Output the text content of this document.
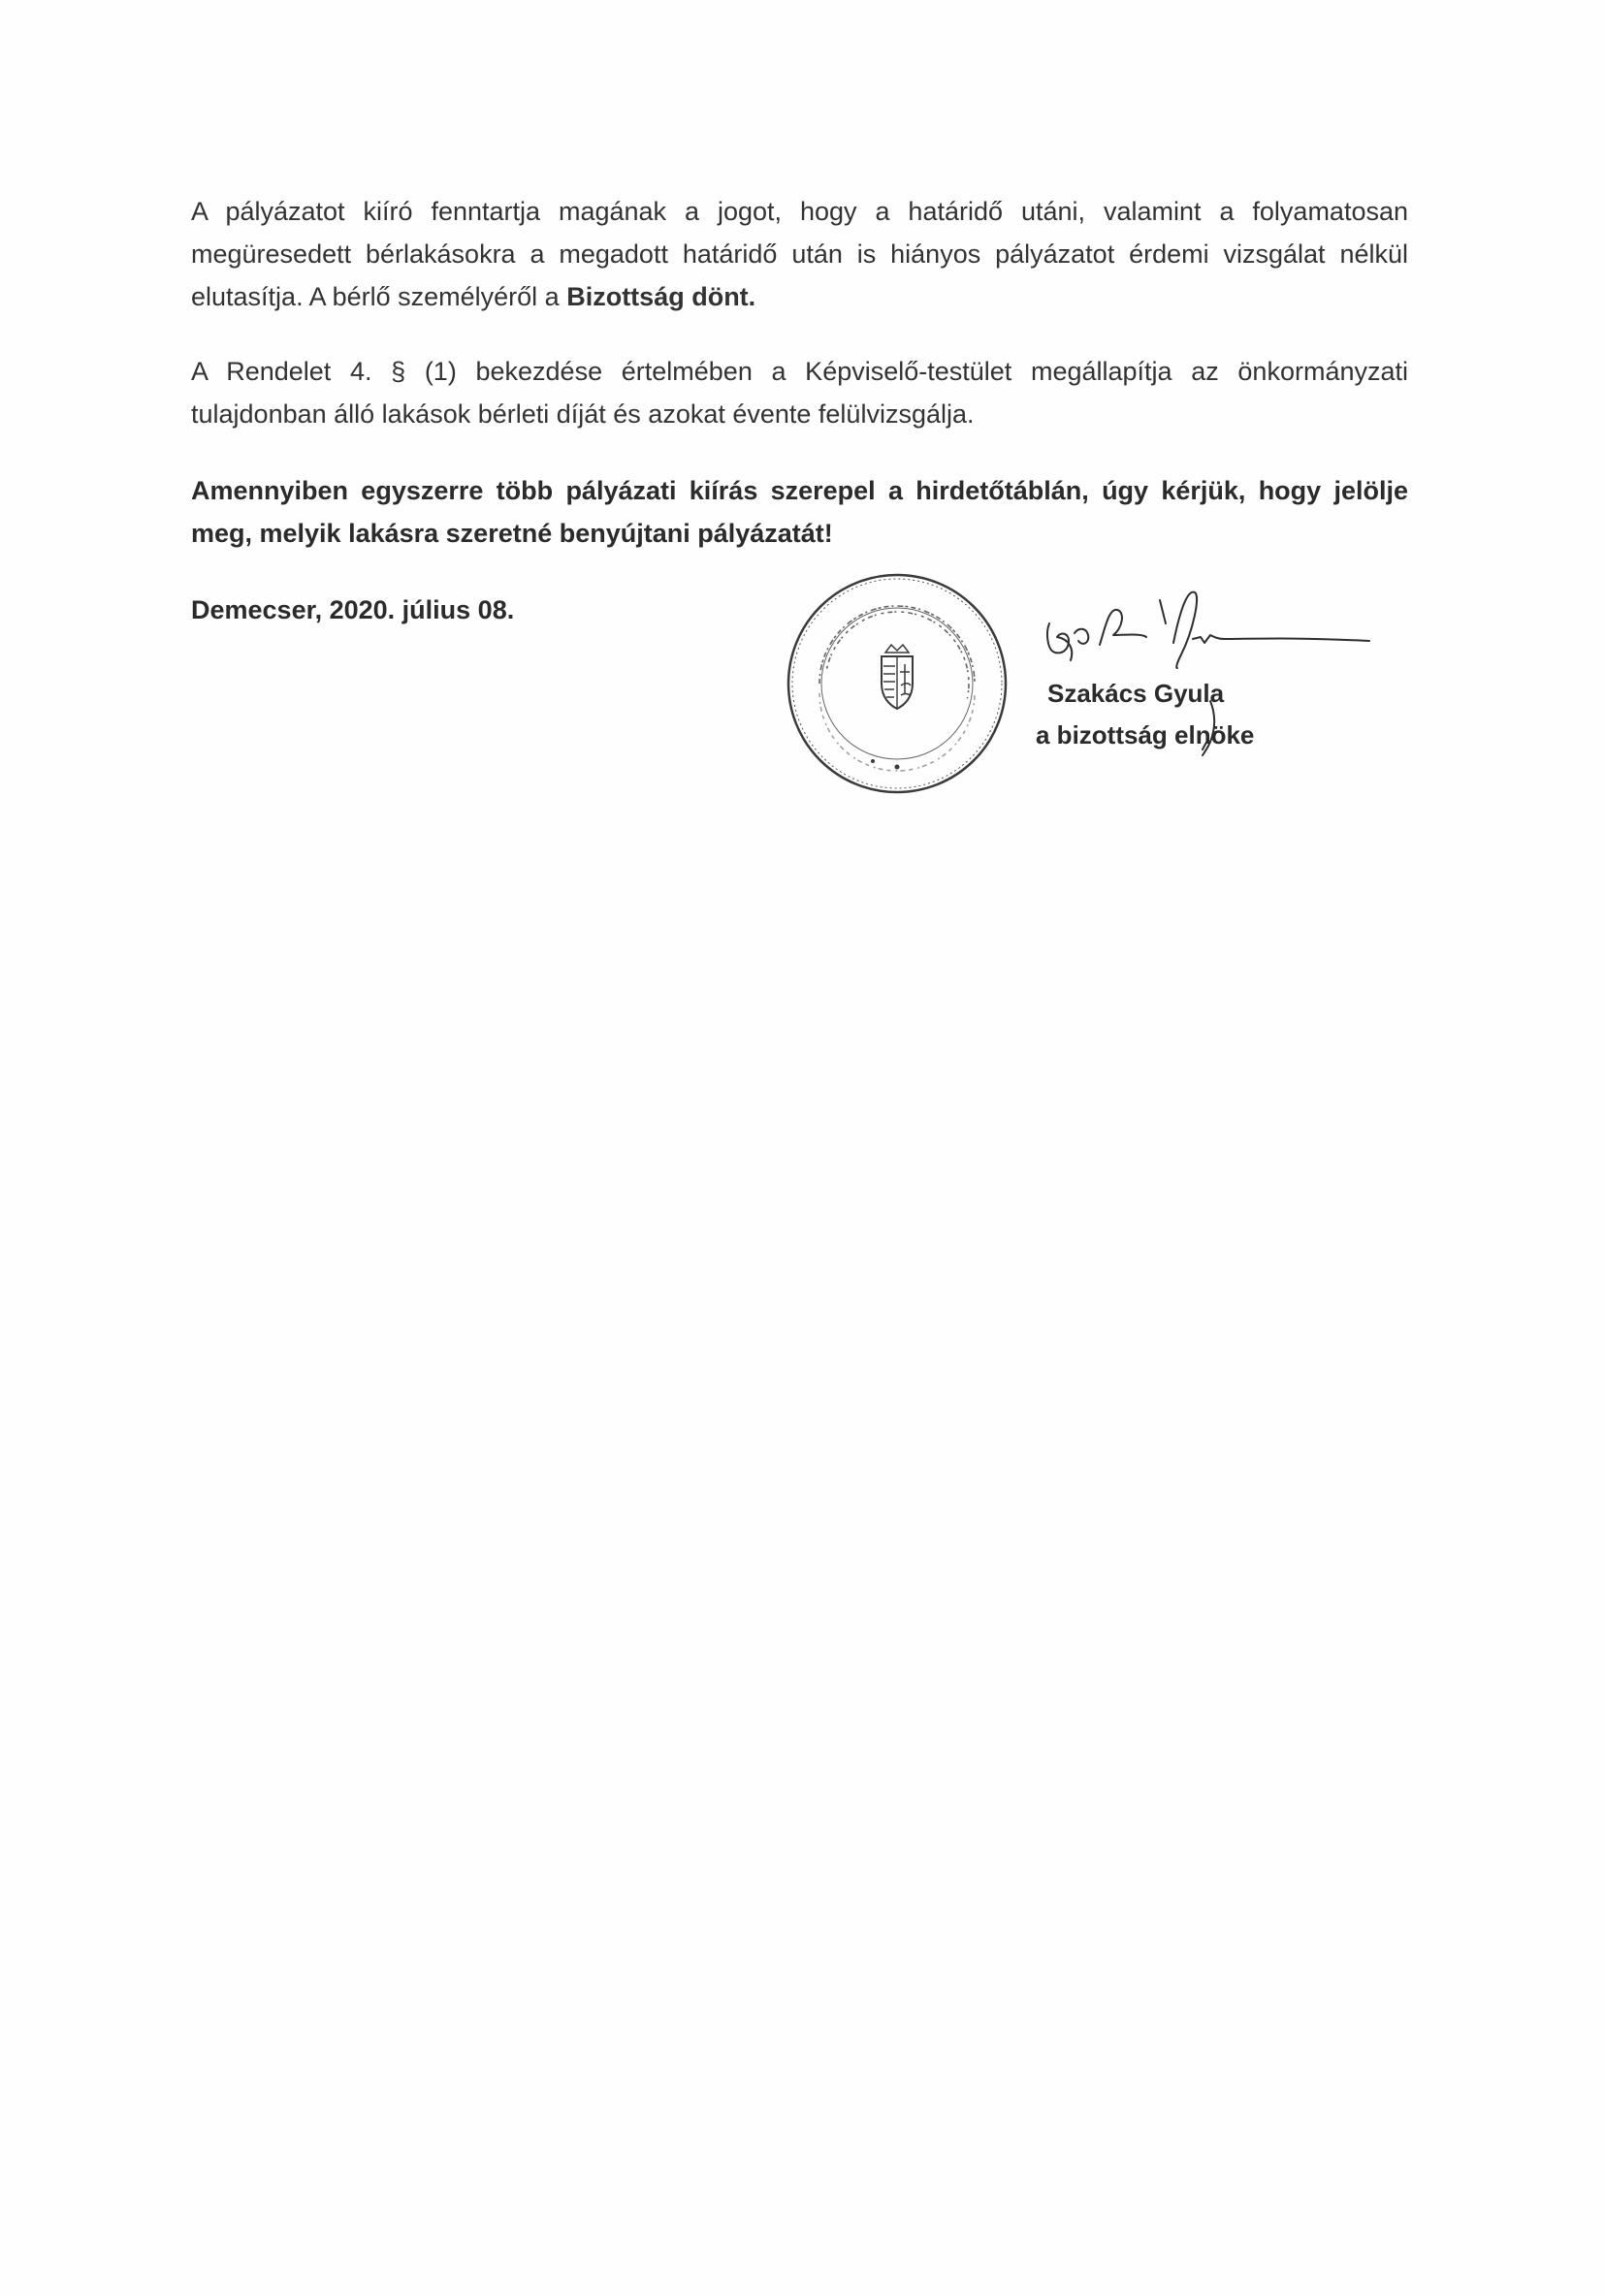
A pályázatot kiíró fenntartja magának a jogot, hogy a határidő utáni, valamint a folyamatosan megüresedett bérlakásokra a megadott határidő után is hiányos pályázatot érdemi vizsgálat nélkül elutasítja. A bérlő személyéről a Bizottság dönt.

A Rendelet 4. § (1) bekezdése értelmében a Képviselő-testület megállapítja az önkormányzati tulajdonban álló lakások bérleti díját és azokat évente felülvizsgálja.

Amennyiben egyszerre több pályázati kiírás szerepel a hirdetőtáblán, úgy kérjük, hogy jelölje meg, melyik lakásra szeretné benyújtani pályázatát!

Demecser, 2020. július 08.

Szakács Gyula

a bizottság elnöke
